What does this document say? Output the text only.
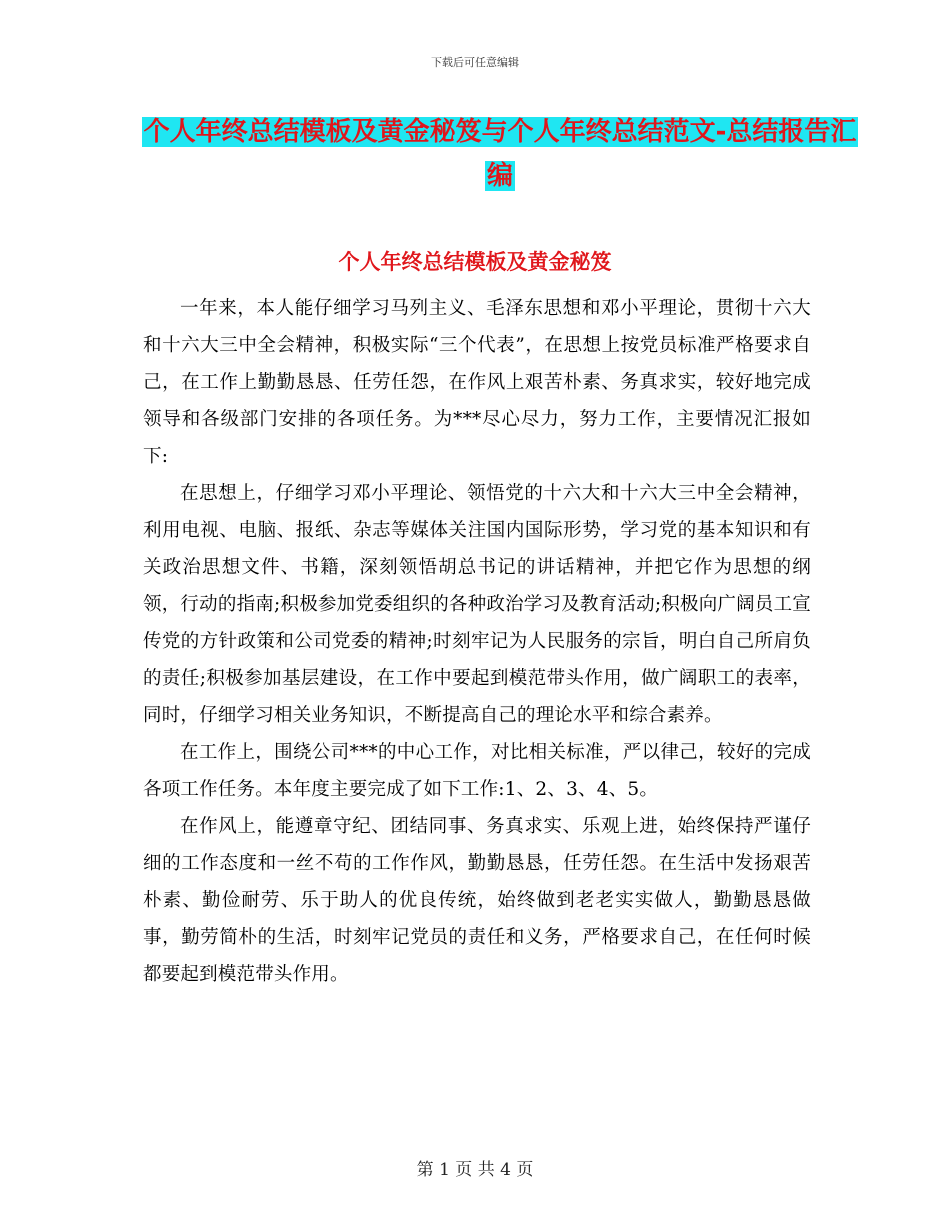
下载后可任意编辑
个人年终总结模板及黄金秘笈与个人年终总结范文-总结报告汇编
个人年终总结模板及黄金秘笈

一年来，本人能仔细学习马列主义、毛泽东思想和邓小平理论，贯彻十六大和十六大三中全会精神，积极实际“三个代表”，在思想上按党员标准严格要求自己，在工作上勤勤恳恳、任劳任怨，在作风上艰苦朴素、务真求实，较好地完成领导和各级部门安排的各项任务。为***尽心尽力，努力工作，主要情况汇报如下:

在思想上，仔细学习邓小平理论、领悟党的十六大和十六大三中全会精神，利用电视、电脑、报纸、杂志等媒体关注国内国际形势，学习党的基本知识和有关政治思想文件、书籍，深刻领悟胡总书记的讲话精神，并把它作为思想的纲领，行动的指南;积极参加党委组织的各种政治学习及教育活动;积极向广阔员工宣传党的方针政策和公司党委的精神;时刻牢记为人民服务的宗旨，明白自己所肩负的责任;积极参加基层建设，在工作中要起到模范带头作用，做广阔职工的表率，同时，仔细学习相关业务知识，不断提高自己的理论水平和综合素养。

在工作上，围绕公司***的中心工作，对比相关标准，严以律己，较好的完成各项工作任务。本年度主要完成了如下工作:1、2、3、4、5。

在作风上，能遵章守纪、团结同事、务真求实、乐观上进，始终保持严谨仔细的工作态度和一丝不苟的工作作风，勤勤恳恳，任劳任怨。在生活中发扬艰苦朴素、勤俭耐劳、乐于助人的优良传统，始终做到老老实实做人，勤勤恳恳做事，勤劳简朴的生活，时刻牢记党员的责任和义务，严格要求自己，在任何时候都要起到模范带头作用。

第 1 页 共 4 页
